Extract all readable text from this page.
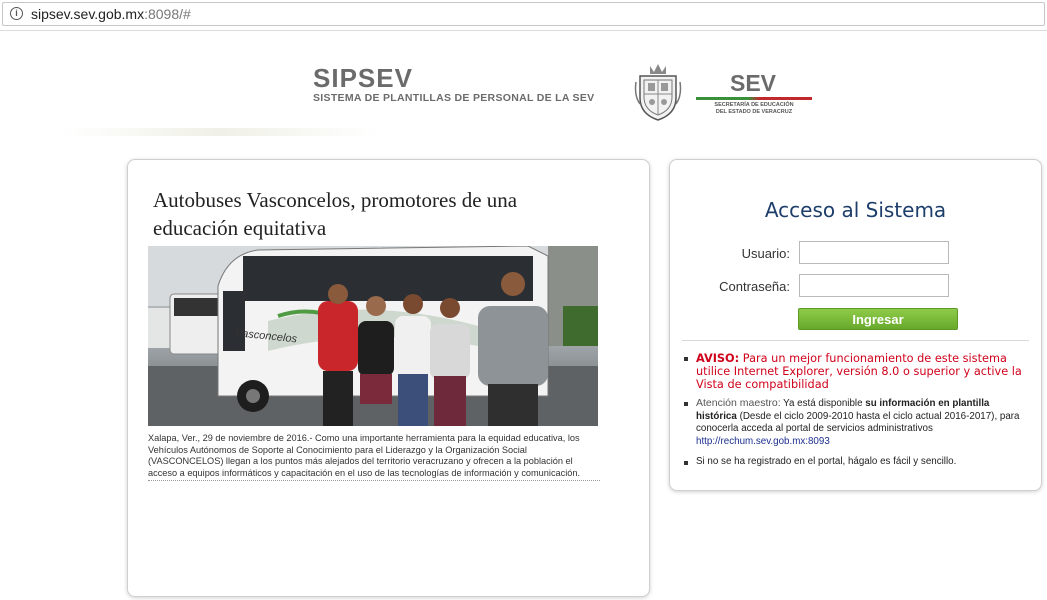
i sipsev.sev.gob.mx:8098/#
SIPSEV
SISTEMA DE PLANTILLAS DE PERSONAL DE LA SEV
SEV
SECRETARÍA DE EDUCACIÓN
DEL ESTADO DE VERACRUZ
Autobuses Vasconcelos, promotores de una educación equitativa
Vasconcelos
Xalapa, Ver., 29 de noviembre de 2016.- Como una importante herramienta para la equidad educativa, los Vehículos Autónomos de Soporte al Conocimiento para el Liderazgo y la Organización Social (VASCONCELOS) llegan a los puntos más alejados del territorio veracruzano y ofrecen a la población el acceso a equipos informáticos y capacitación en el uso de las tecnologías de información y comunicación.
Acceso al Sistema
Usuario:
Contraseña:
Ingresar
AVISO: Para un mejor funcionamiento de este sistema utilice Internet Explorer, versión 8.0 o superior y active la Vista de compatibilidad
Atención maestro: Ya está disponible su información en plantilla histórica (Desde el ciclo 2009-2010 hasta el ciclo actual 2016-2017), para conocerla acceda al portal de servicios administrativos http://rechum.sev.gob.mx:8093
Si no se ha registrado en el portal, hágalo es fácil y sencillo.
